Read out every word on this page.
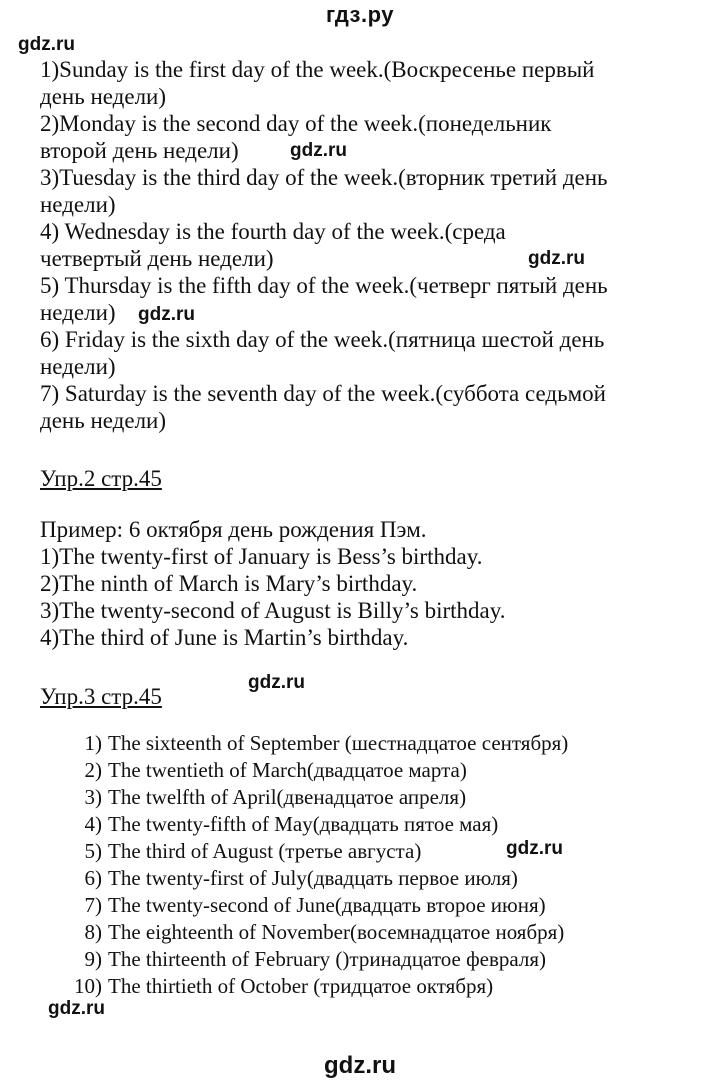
гдз.ру
gdz.ru
gdz.ru
gdz.ru
gdz.ru
gdz.ru
gdz.ru
gdz.ru
1)Sunday is the first day of the week.(Воскресенье первый
день недели)
2)Monday is the second day of the week.(понедельник
второй день недели)
3)Tuesday is the third day of the week.(вторник третий день
недели)
4) Wednesday is the fourth day of the week.(среда
четвертый день недели)
5) Thursday is the fifth day of the week.(четверг пятый день
недели)
6) Friday is the sixth day of the week.(пятница шестой день
недели)
7) Saturday is the seventh day of the week.(суббота седьмой
день недели)
Упр.2 стр.45
Пример: 6 октября день рождения Пэм.
1)The twenty-first of January is Bess’s birthday.
2)The ninth of March is Mary’s birthday.
3)The twenty-second of August is Billy’s birthday.
4)The third of June is Martin’s birthday.
Упр.3 стр.45
1) The sixteenth of September (шестнадцатое сентября)
2) The twentieth of March(двадцатое марта)
3) The twelfth of April(двенадцатое апреля)
4) The twenty-fifth of May(двадцать пятое мая)
5) The third of August (третье августа)
6) The twenty-first of July(двадцать первое июля)
7) The twenty-second of June(двадцать второе июня)
8) The eighteenth of November(восемнадцатое ноября)
9) The thirteenth of February ()тринадцатое февраля)
10) The thirtieth of October (тридцатое октября)
gdz.ru
